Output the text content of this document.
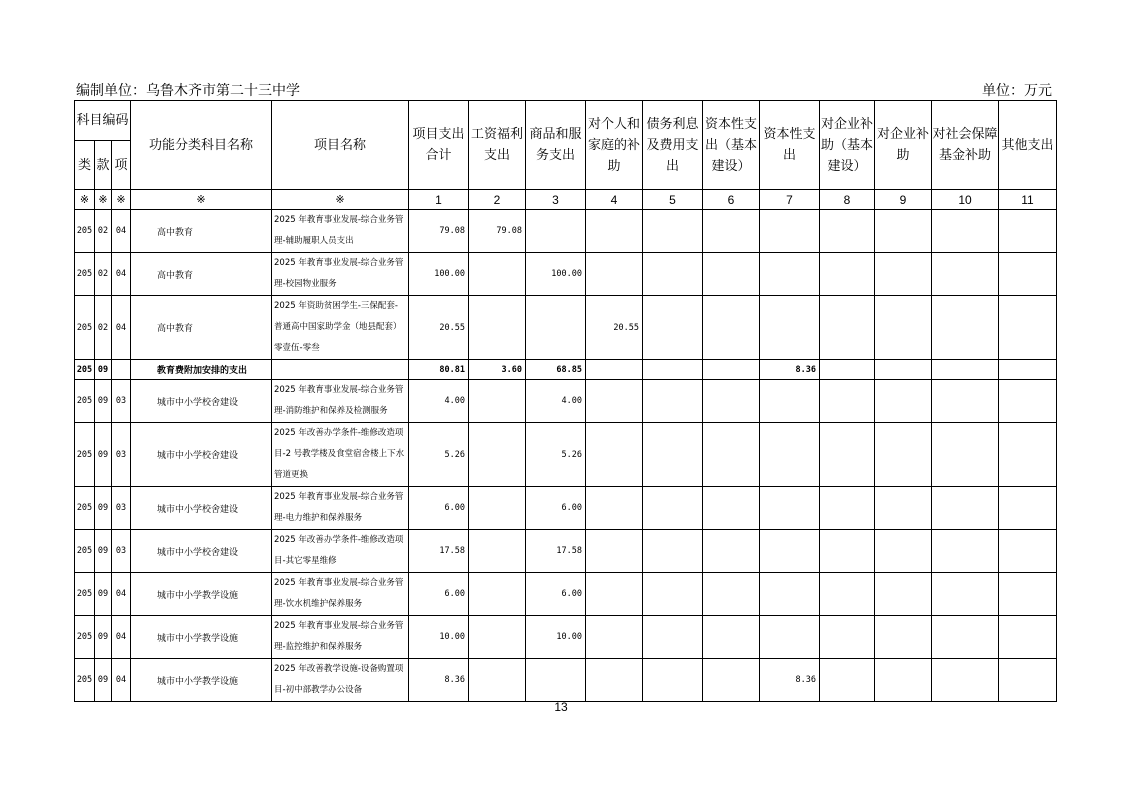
编制单位：乌鲁木齐市第二十三中学	单位：万元
科目编码			功能分类科目名称	项目名称	项目支出合计	工资福利支出	商品和服务支出	对个人和家庭的补助	债务利息及费用支出	资本性支出（基本建设）	资本性支出	对企业补助（基本建设）	对企业补助	对社会保障基金补助	其他支出
类	款	项													
※	※	※	※	※	1	2	3	4	5	6	7	8	9	10	11
205	02	04	高中教育	2025 年教育事业发展-综合业务管理-辅助履职人员支出	79.08	79.08									
205	02	04	高中教育	2025 年教育事业发展-综合业务管理-校园物业服务	100.00		100.00								
205	02	04	高中教育	2025 年资助贫困学生-三保配套-普通高中国家助学金（地县配套）零壹伍-零叁	20.55			20.55							
205	09		教育费附加安排的支出		80.81	3.60	68.85				8.36				
205	09	03	城市中小学校舍建设	2025 年教育事业发展-综合业务管理-消防维护和保养及检测服务	4.00		4.00								
205	09	03	城市中小学校舍建设	2025 年改善办学条件-维修改造项目-2 号教学楼及食堂宿舍楼上下水管道更换	5.26		5.26								
205	09	03	城市中小学校舍建设	2025 年教育事业发展-综合业务管理-电力维护和保养服务	6.00		6.00								
205	09	03	城市中小学校舍建设	2025 年改善办学条件-维修改造项目-其它零星维修	17.58		17.58								
205	09	04	城市中小学教学设施	2025 年教育事业发展-综合业务管理-饮水机维护保养服务	6.00		6.00								
205	09	04	城市中小学教学设施	2025 年教育事业发展-综合业务管理-监控维护和保养服务	10.00		10.00								
205	09	04	城市中小学教学设施	2025 年改善教学设施-设备购置项目-初中部教学办公设备	8.36						8.36				
13
